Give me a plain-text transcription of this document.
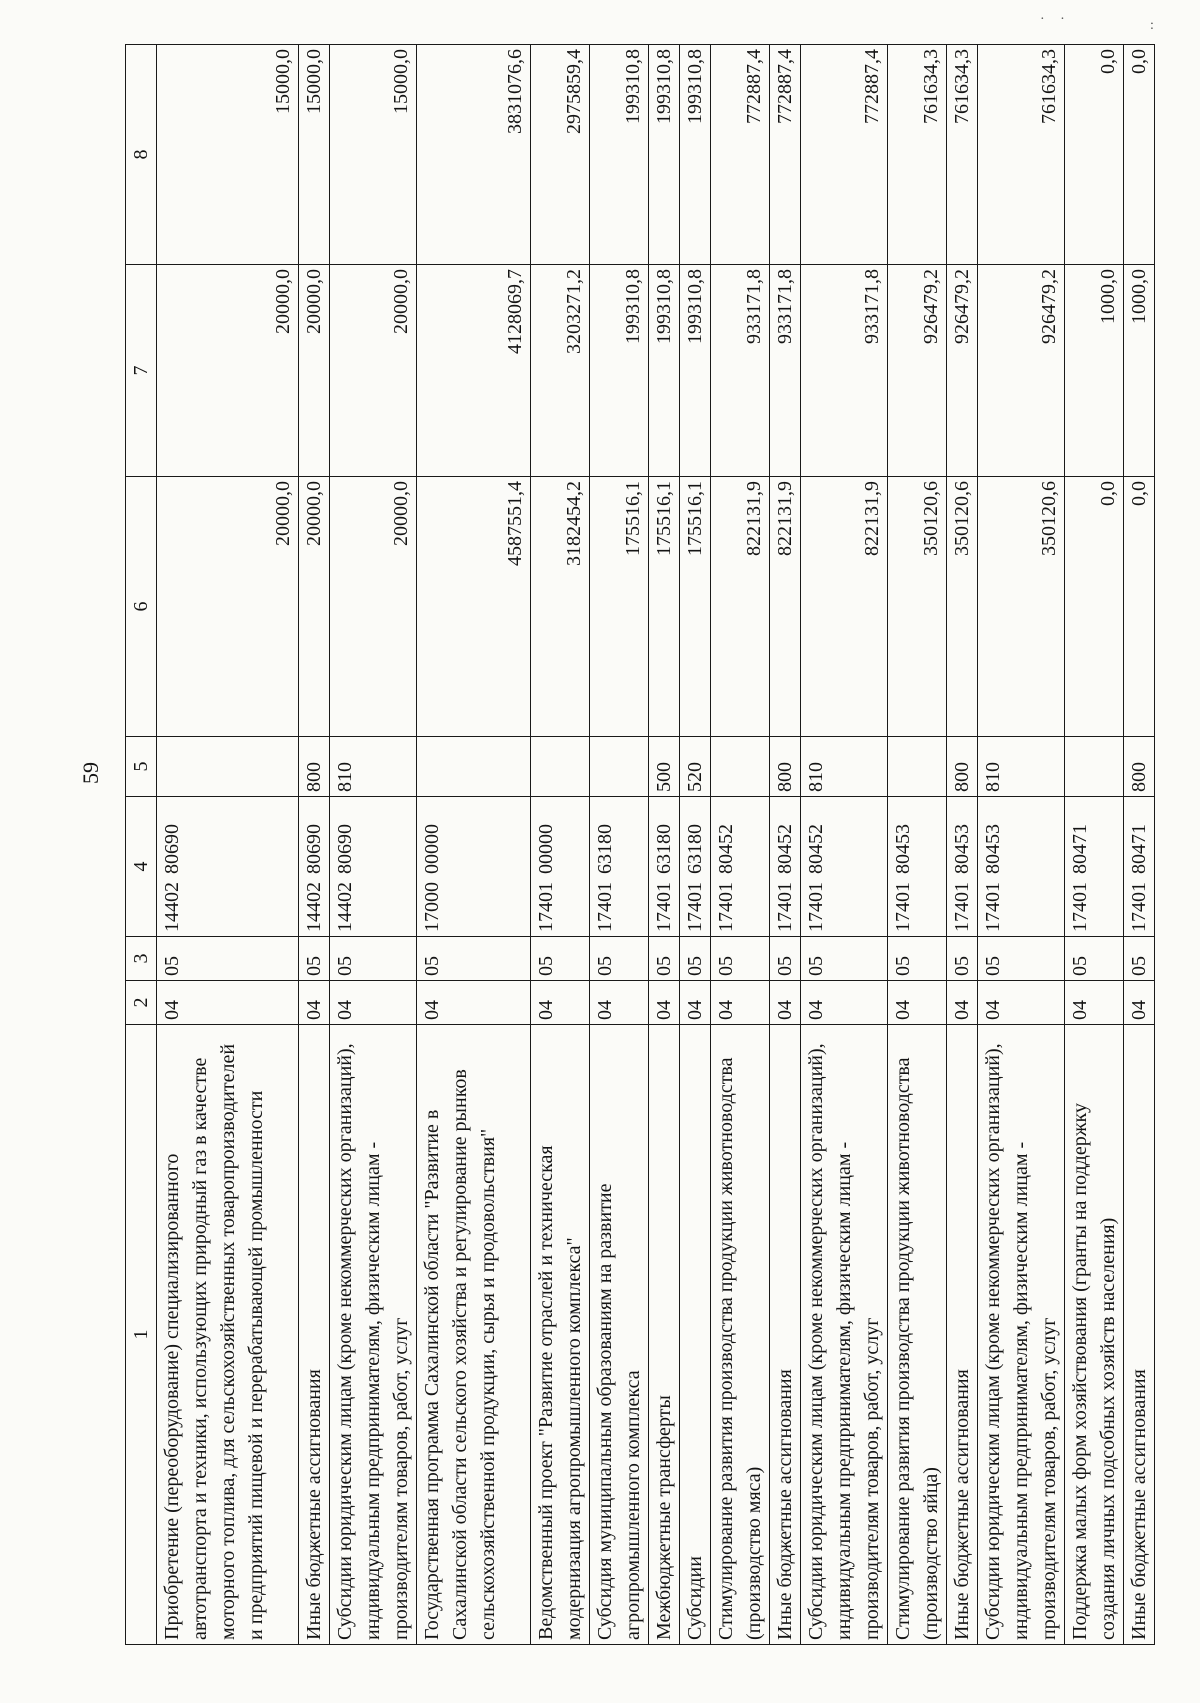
59
· ·	:
1	2	3	4	5	6	7	8
Приобретение (переоборудование) специализированного автотранспорта и техники, использующих природный газ в качестве моторного топлива, для сельскохозяйственных товаропроизводителей и предприятий пищевой и перерабатывающей промышленности	04	05	1440280690		20000,0	20000,0	15000,0
Иные бюджетные ассигнования	04	05	1440280690	800	20000,0	20000,0	15000,0
Субсидии юридическим лицам (кроме некоммерческих организаций), индивидуальным предпринимателям, физическим лицам - производителям товаров, работ, услуг	04	05	1440280690	810	20000,0	20000,0	15000,0
Государственная программа Сахалинской области "Развитие в Сахалинской области сельского хозяйства и регулирование рынков сельскохозяйственной продукции, сырья и продовольствия"	04	05	1700000000		4587551,4	4128069,7	3831076,6
Ведомственный проект "Развитие отраслей и техническая модернизация агропромышленного комплекса"	04	05	1740100000		3182454,2	3203271,2	2975859,4
Субсидия муниципальным образованиям на развитие агропромышленного комплекса	04	05	1740163180		175516,1	199310,8	199310,8
Межбюджетные трансферты	04	05	1740163180	500	175516,1	199310,8	199310,8
Субсидии	04	05	1740163180	520	175516,1	199310,8	199310,8
Стимулирование развития производства продукции животноводства (производство мяса)	04	05	1740180452		822131,9	933171,8	772887,4
Иные бюджетные ассигнования	04	05	1740180452	800	822131,9	933171,8	772887,4
Субсидии юридическим лицам (кроме некоммерческих организаций), индивидуальным предпринимателям, физическим лицам - производителям товаров, работ, услуг	04	05	1740180452	810	822131,9	933171,8	772887,4
Стимулирование развития производства продукции животноводства (производство яйца)	04	05	1740180453		350120,6	926479,2	761634,3
Иные бюджетные ассигнования	04	05	1740180453	800	350120,6	926479,2	761634,3
Субсидии юридическим лицам (кроме некоммерческих организаций), индивидуальным предпринимателям, физическим лицам - производителям товаров, работ, услуг	04	05	1740180453	810	350120,6	926479,2	761634,3
Поддержка малых форм хозяйствования (гранты на поддержку создания личных подсобных хозяйств населения)	04	05	1740180471		0,0	1000,0	0,0
Иные бюджетные ассигнования	04	05	1740180471	800	0,0	1000,0	0,0
